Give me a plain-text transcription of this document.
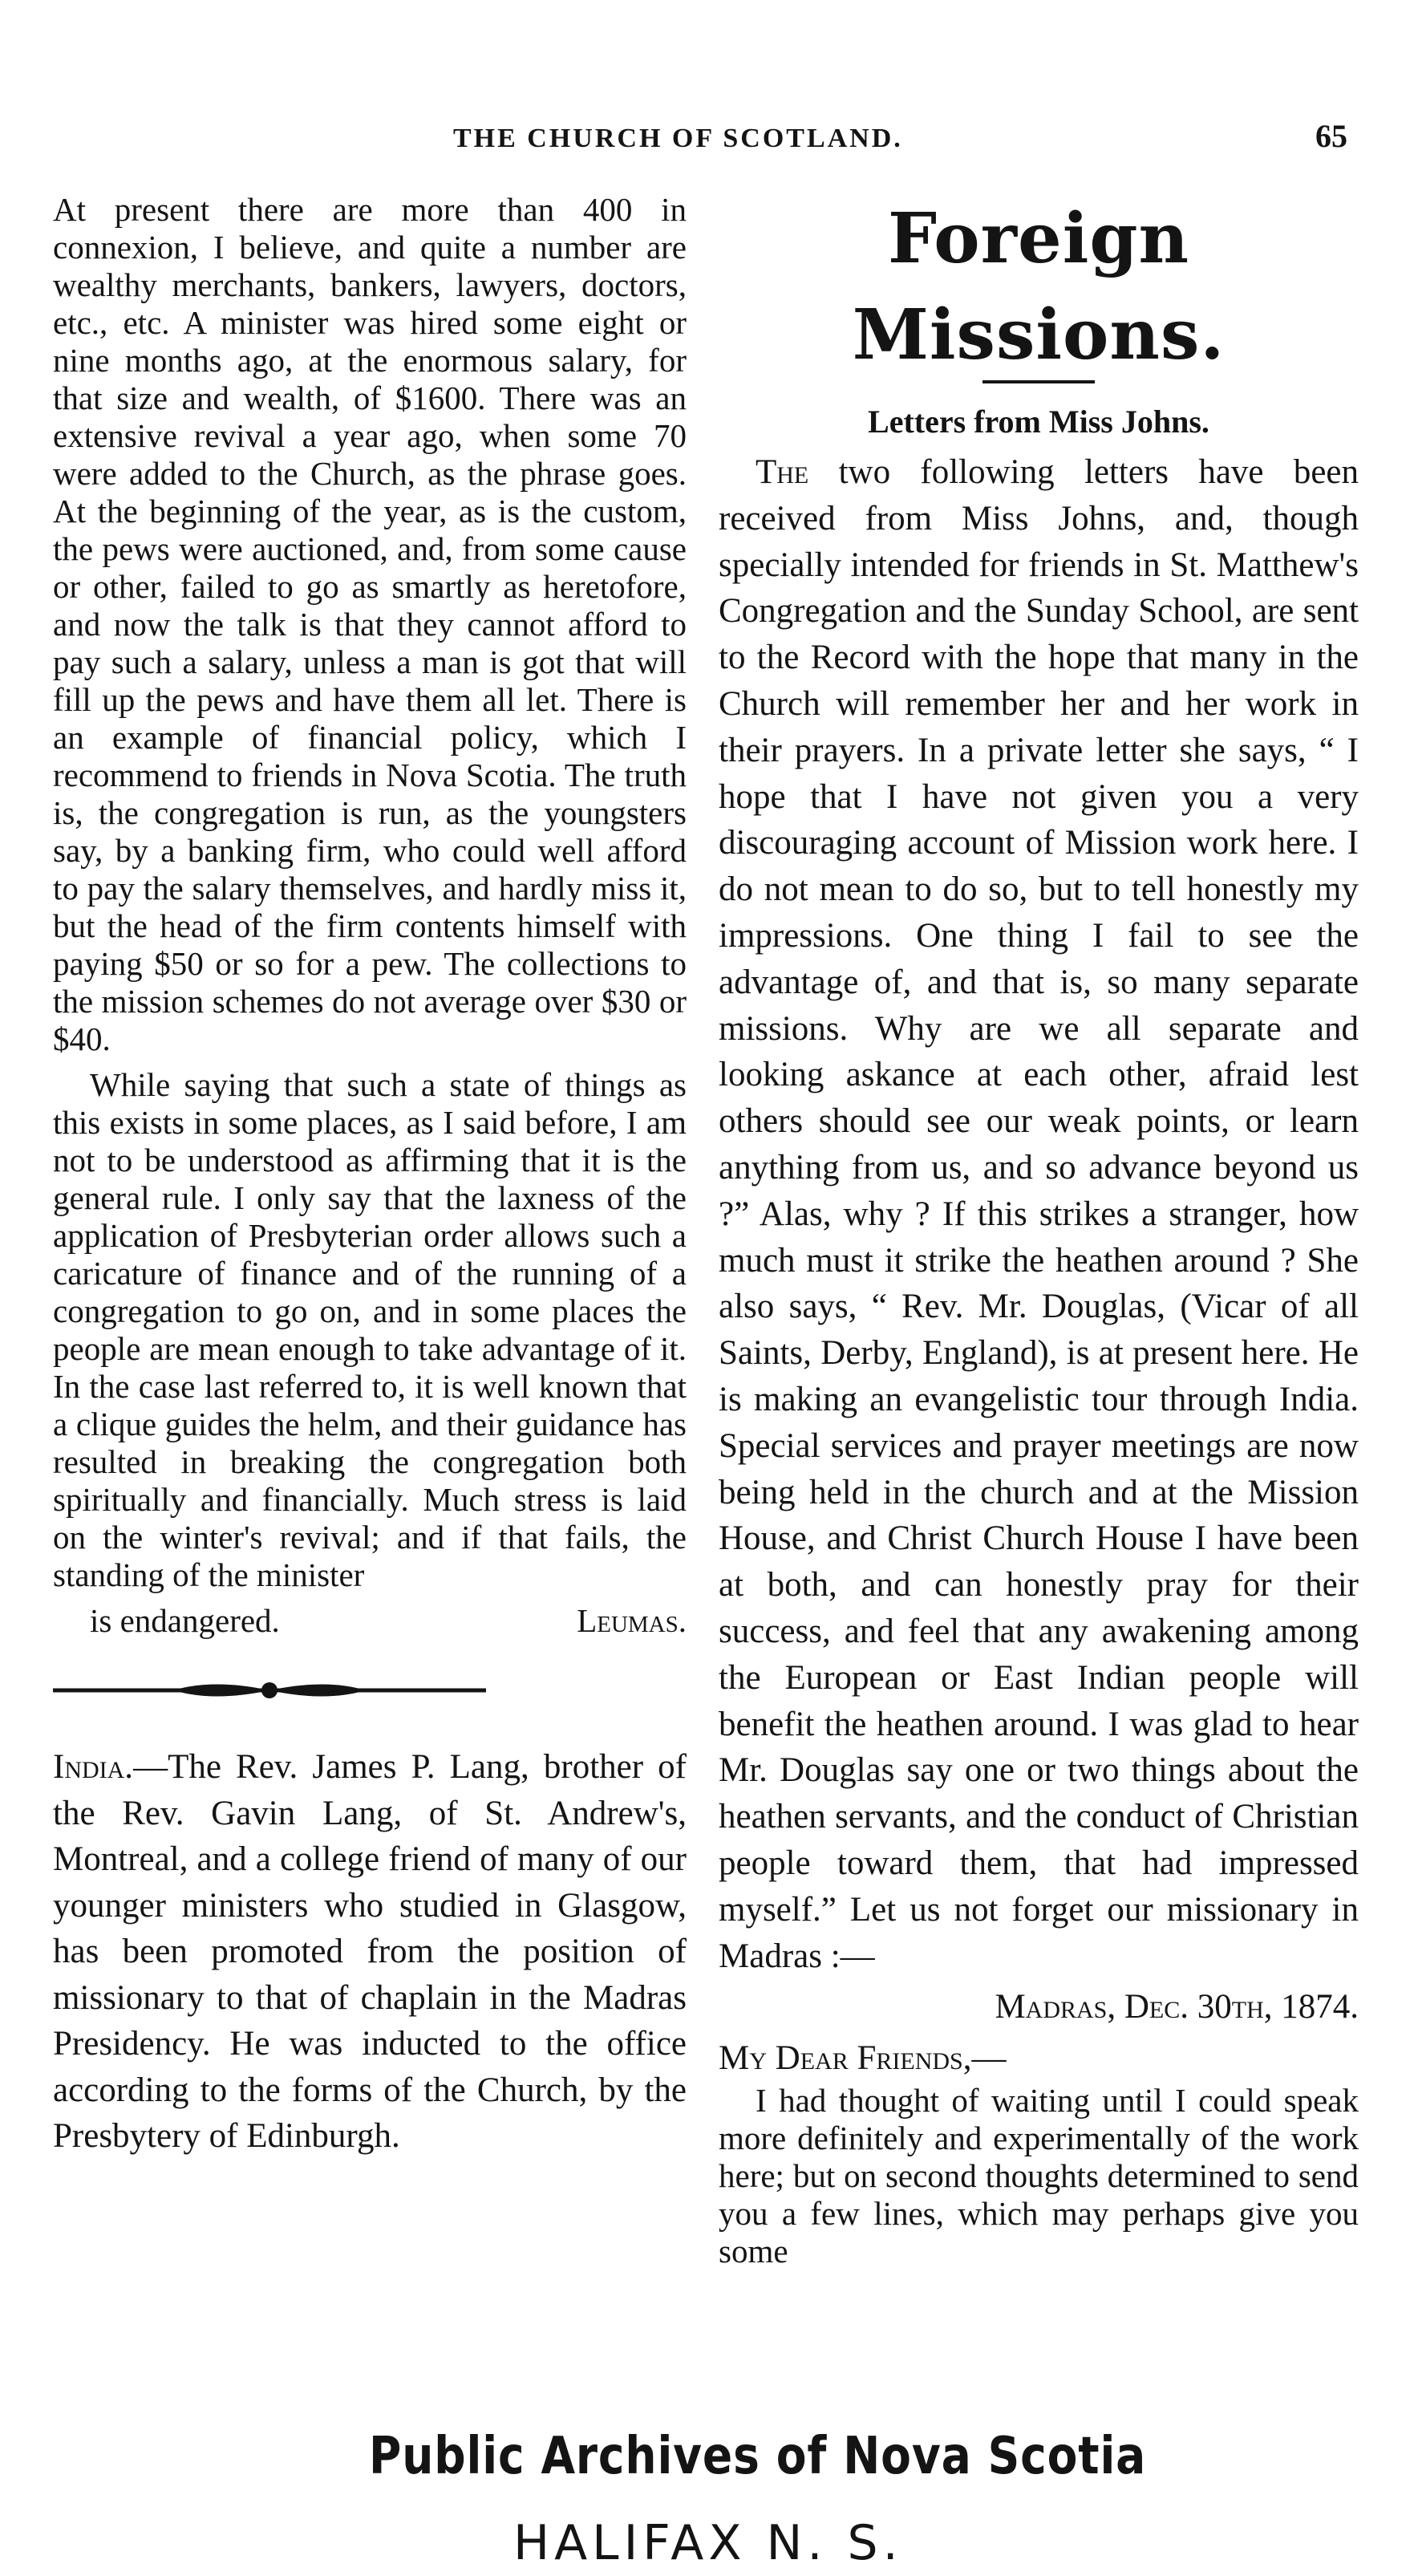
THE CHURCH OF SCOTLAND.	65

At present there are more than 400 in connexion, I believe, and quite a number are wealthy merchants, bankers, lawyers, doctors, etc., etc. A minister was hired some eight or nine months ago, at the enormous salary, for that size and wealth, of $1600. There was an extensive revival a year ago, when some 70 were added to the Church, as the phrase goes. At the beginning of the year, as is the custom, the pews were auctioned, and, from some cause or other, failed to go as smartly as heretofore, and now the talk is that they cannot afford to pay such a salary, unless a man is got that will fill up the pews and have them all let. There is an example of financial policy, which I recommend to friends in Nova Scotia. The truth is, the congregation is run, as the youngsters say, by a banking firm, who could well afford to pay the salary themselves, and hardly miss it, but the head of the firm contents himself with paying $50 or so for a pew. The collections to the mission schemes do not average over $30 or $40.

While saying that such a state of things as this exists in some places, as I said before, I am not to be understood as affirming that it is the general rule. I only say that the laxness of the application of Presbyterian order allows such a caricature of finance and of the running of a congregation to go on, and in some places the people are mean enough to take advantage of it. In the case last referred to, it is well known that a clique guides the helm, and their guidance has resulted in breaking the congregation both spiritually and financially. Much stress is laid on the winter's revival; and if that fails, the standing of the minister

is endangered.	Leumas.

India.—The Rev. James P. Lang, brother of the Rev. Gavin Lang, of St. Andrew's, Montreal, and a college friend of many of our younger ministers who studied in Glasgow, has been promoted from the position of missionary to that of chaplain in the Madras Presidency. He was inducted to the office according to the forms of the Church, by the Presbytery of Edinburgh.

Foreign Missions.
Letters from Miss Johns.

The two following letters have been received from Miss Johns, and, though specially intended for friends in St. Matthew's Congregation and the Sunday School, are sent to the Record with the hope that many in the Church will remember her and her work in their prayers. In a private letter she says, “ I hope that I have not given you a very discouraging account of Mission work here. I do not mean to do so, but to tell honestly my impressions. One thing I fail to see the advantage of, and that is, so many separate missions. Why are we all separate and looking askance at each other, afraid lest others should see our weak points, or learn anything from us, and so advance beyond us ?” Alas, why ? If this strikes a stranger, how much must it strike the heathen around ? She also says, “ Rev. Mr. Douglas, (Vicar of all Saints, Derby, England), is at present here. He is making an evangelistic tour through India. Special services and prayer meetings are now being held in the church and at the Mission House, and Christ Church House I have been at both, and can honestly pray for their success, and feel that any awakening among the European or East Indian people will benefit the heathen around. I was glad to hear Mr. Douglas say one or two things about the heathen servants, and the conduct of Christian people toward them, that had impressed myself.” Let us not forget our missionary in Madras :—

Madras, Dec. 30th, 1874.
My Dear Friends,—

I had thought of waiting until I could speak more definitely and experimentally of the work here; but on second thoughts determined to send you a few lines, which may perhaps give you some

Public Archives of Nova Scotia
HALIFAX N. S.
